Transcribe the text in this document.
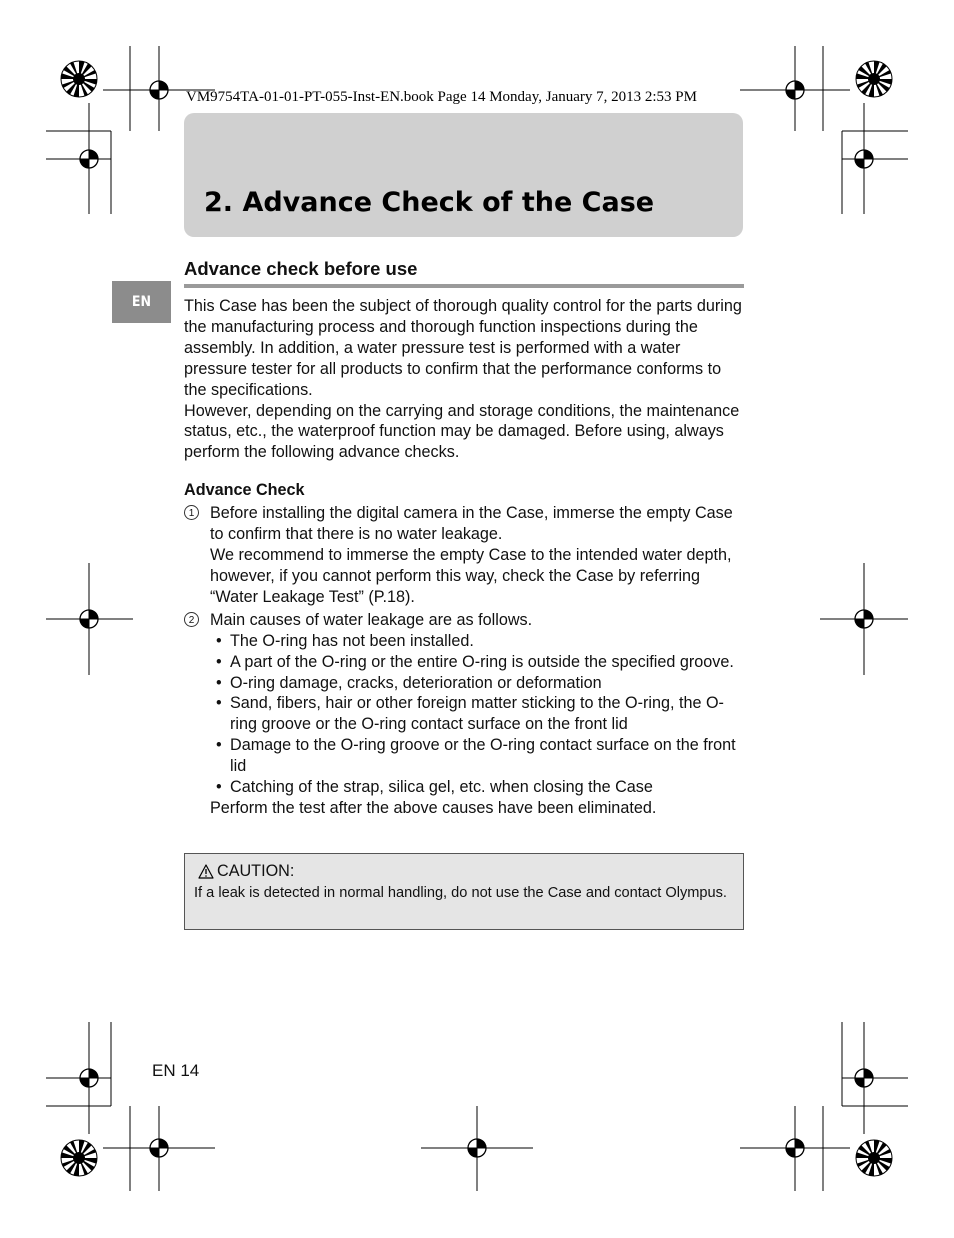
VM9754TA-01-01-PT-055-Inst-EN.book Page 14 Monday, January 7, 2013 2:53 PM
2. Advance Check of the Case
EN
Advance check before use

This Case has been the subject of thorough quality control for the parts during the manufacturing process and thorough function inspections during the assembly. In addition, a water pressure test is performed with a water pressure tester for all products to confirm that the performance conforms to the specifications.

However, depending on the carrying and storage conditions, the maintenance status, etc., the waterproof function may be damaged. Before using, always perform the following advance checks.

Advance Check
1 Before installing the digital camera in the Case, immerse the empty Case to confirm that there is no water leakage.

We recommend to immerse the empty Case to the intended water depth, however, if you cannot perform this way, check the Case by referring “Water Leakage Test” (P.18).

2 Main causes of water leakage are as follows.

• The O-ring has not been installed.
• A part of the O-ring or the entire O-ring is outside the specified groove.
• O-ring damage, cracks, deterioration or deformation
• Sand, fibers, hair or other foreign matter sticking to the O-ring, the O-ring groove or the O-ring contact surface on the front lid
• Damage to the O-ring groove or the O-ring contact surface on the front lid
• Catching of the strap, silica gel, etc. when closing the Case

Perform the test after the above causes have been eliminated.

CAUTION:

If a leak is detected in normal handling, do not use the Case and contact Olympus.

EN 14
